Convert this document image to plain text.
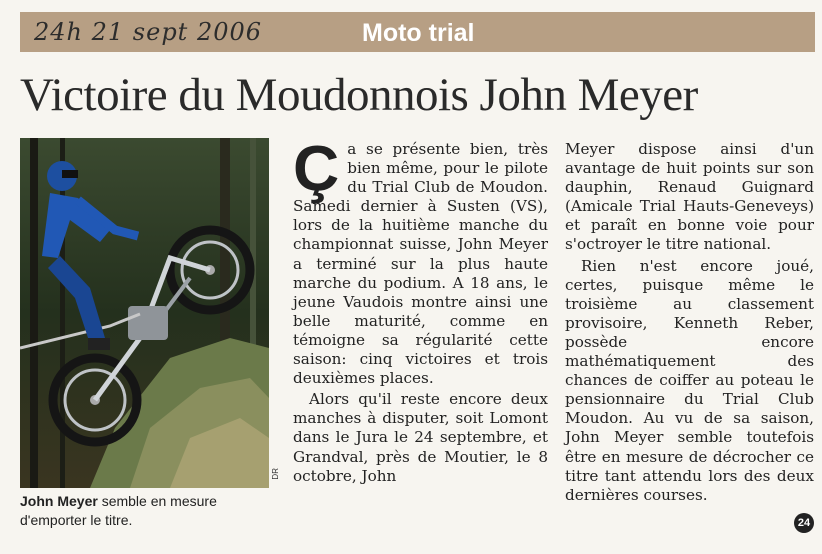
24h 21 sept 2006	Moto trial
Victoire du Moudonnois John Meyer
DR
John Meyer semble en mesure d'emporter le titre.

Ça se présente bien, très bien même, pour le pilote du Trial Club de Moudon. Samedi dernier à Susten (VS), lors de la huitième manche du championnat suisse, John Meyer a terminé sur la plus haute marche du podium. A 18 ans, le jeune Vaudois montre ainsi une belle maturité, comme en témoigne sa régularité cette saison: cinq victoires et trois deuxièmes places.

Alors qu'il reste encore deux manches à disputer, soit Lomont dans le Jura le 24 septembre, et Grandval, près de Moutier, le 8 octobre, John

Meyer dispose ainsi d'un avantage de huit points sur son dauphin, Renaud Guignard (Amicale Trial Hauts-Geneveys) et paraît en bonne voie pour s'octroyer le titre national.

Rien n'est encore joué, certes, puisque même le troisième au classement provisoire, Kenneth Reber, possède encore mathématiquement des chances de coiffer au poteau le pensionnaire du Trial Club Moudon. Au vu de sa saison, John Meyer semble toutefois être en mesure de décrocher ce titre tant attendu lors des deux dernières courses.

24
